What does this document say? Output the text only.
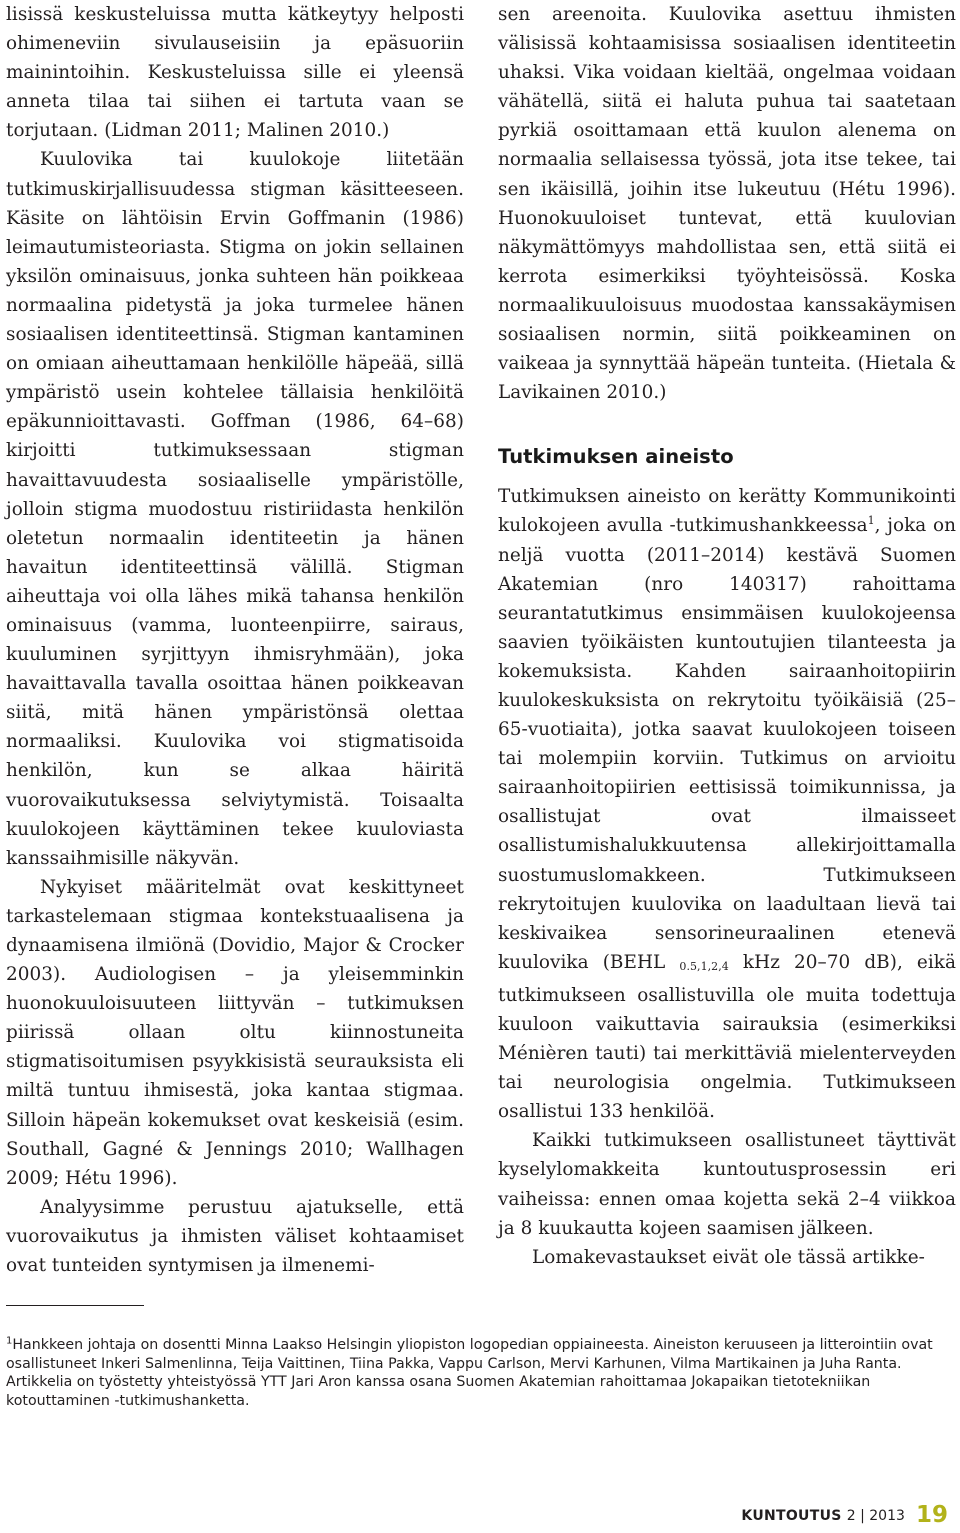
lisissä keskusteluissa mutta kätkeytyy helposti ohimeneviin sivulauseisiin ja epäsuoriin mainintoihin. Keskusteluissa sille ei yleensä anneta tilaa tai siihen ei tartuta vaan se torjutaan. (Lidman 2011; Malinen 2010.)

Kuulovika tai kuulokoje liitetään tutkimuskirjallisuudessa stigman käsitteeseen. Käsite on lähtöisin Ervin Goffmanin (1986) leimautumisteoriasta. Stigma on jokin sellainen yksilön ominaisuus, jonka suhteen hän poikkeaa normaalina pidetystä ja joka turmelee hänen sosiaalisen identiteettinsä. Stigman kantaminen on omiaan aiheuttamaan henkilölle häpeää, sillä ympäristö usein kohtelee tällaisia henkilöitä epäkunnioittavasti. Goffman (1986, 64–68) kirjoitti tutkimuksessaan stigman havaittavuudesta sosiaaliselle ympäristölle, jolloin stigma muodostuu ristiriidasta henkilön oletetun normaalin identiteetin ja hänen havaitun identiteettinsä välillä. Stigman aiheuttaja voi olla lähes mikä tahansa henkilön ominaisuus (vamma, luonteenpiirre, sairaus, kuuluminen syrjittyyn ihmisryhmään), joka havaittavalla tavalla osoittaa hänen poikkeavan siitä, mitä hänen ympäristönsä olettaa normaaliksi. Kuulovika voi stigmatisoida henkilön, kun se alkaa häiritä vuorovaikutuksessa selviytymistä. Toisaalta kuulokojeen käyttäminen tekee kuuloviasta kanssaihmisille näkyvän.

Nykyiset määritelmät ovat keskittyneet tarkastelemaan stigmaa kontekstuaalisena ja dynaamisena ilmiönä (Dovidio, Major & Crocker 2003). Audiologisen – ja yleisemminkin huonokuuloisuuteen liittyvän – tutkimuksen piirissä ollaan oltu kiinnostuneita stigmatisoitumisen psyykkisistä seurauksista eli miltä tuntuu ihmisestä, joka kantaa stigmaa. Silloin häpeän kokemukset ovat keskeisiä (esim. Southall, Gagné & Jennings 2010; Wallhagen 2009; Hétu 1996).

Analyysimme perustuu ajatukselle, että vuorovaikutus ja ihmisten väliset kohtaamiset ovat tunteiden syntymisen ja ilmenemi-

sen areenoita. Kuulovika asettuu ihmisten välisissä kohtaamisissa sosiaalisen identiteetin uhaksi. Vika voidaan kieltää, ongelmaa voidaan vähätellä, siitä ei haluta puhua tai saatetaan pyrkiä osoittamaan että kuulon alenema on normaalia sellaisessa työssä, jota itse tekee, tai sen ikäisillä, joihin itse lukeutuu (Hétu 1996). Huonokuuloiset tuntevat, että kuulovian näkymättömyys mahdollistaa sen, että siitä ei kerrota esimerkiksi työyhteisössä. Koska normaalikuuloisuus muodostaa kanssakäymisen sosiaalisen normin, siitä poikkeaminen on vaikeaa ja synnyttää häpeän tunteita. (Hietala & Lavikainen 2010.)

Tutkimuksen aineisto

Tutkimuksen aineisto on kerätty Kommunikointi kulokojeen avulla -tutkimushankkeessa$^1$, joka on neljä vuotta (2011–2014) kestävä Suomen Akatemian (nro 140317) rahoittama seurantatutkimus ensimmäisen kuulokojeensa saavien työikäisten kuntoutujien tilanteesta ja kokemuksista. Kahden sairaanhoitopiirin kuulokeskuksista on rekrytoitu työikäisiä (25–65-vuotiaita), jotka saavat kuulokojeen toiseen tai molempiin korviin. Tutkimus on arvioitu sairaanhoitopiirien eettisissä toimikunnissa, ja osallistujat ovat ilmaisseet osallistumishalukkuutensa allekirjoittamalla suostumuslomakkeen. Tutkimukseen rekrytoitujen kuulovika on laadultaan lievä tai keskivaikea sensorineuraalinen etenevä kuulovika (BEHL 0.5,1,2,4 kHz 20–70 dB), eikä tutkimukseen osallistuvilla ole muita todettuja kuuloon vaikuttavia sairauksia (esimerkiksi Ménièren tauti) tai merkittäviä mielenterveyden tai neurologisia ongelmia. Tutkimukseen osallistui 133 henkilöä.

Kaikki tutkimukseen osallistuneet täyttivät kyselylomakkeita kuntoutusprosessin eri vaiheissa: ennen omaa kojetta sekä 2–4 viikkoa ja 8 kuukautta kojeen saamisen jälkeen.

Lomakevastaukset eivät ole tässä artikke-

$^1$Hankkeen johtaja on dosentti Minna Laakso Helsingin yliopiston logopedian oppiaineesta. Aineiston keruuseen ja litterointiin ovat osallistuneet Inkeri Salmenlinna, Teija Vaittinen, Tiina Pakka, Vappu Carlson, Mervi Karhunen, Vilma Martikainen ja Juha Ranta. Artikkelia on työstetty yhteistyössä YTT Jari Aron kanssa osana Suomen Akatemian rahoittamaa Jokapaikan tietotekniikan kotouttaminen -tutkimushanketta.
KUNTOUTUS 2 | 2013 19
